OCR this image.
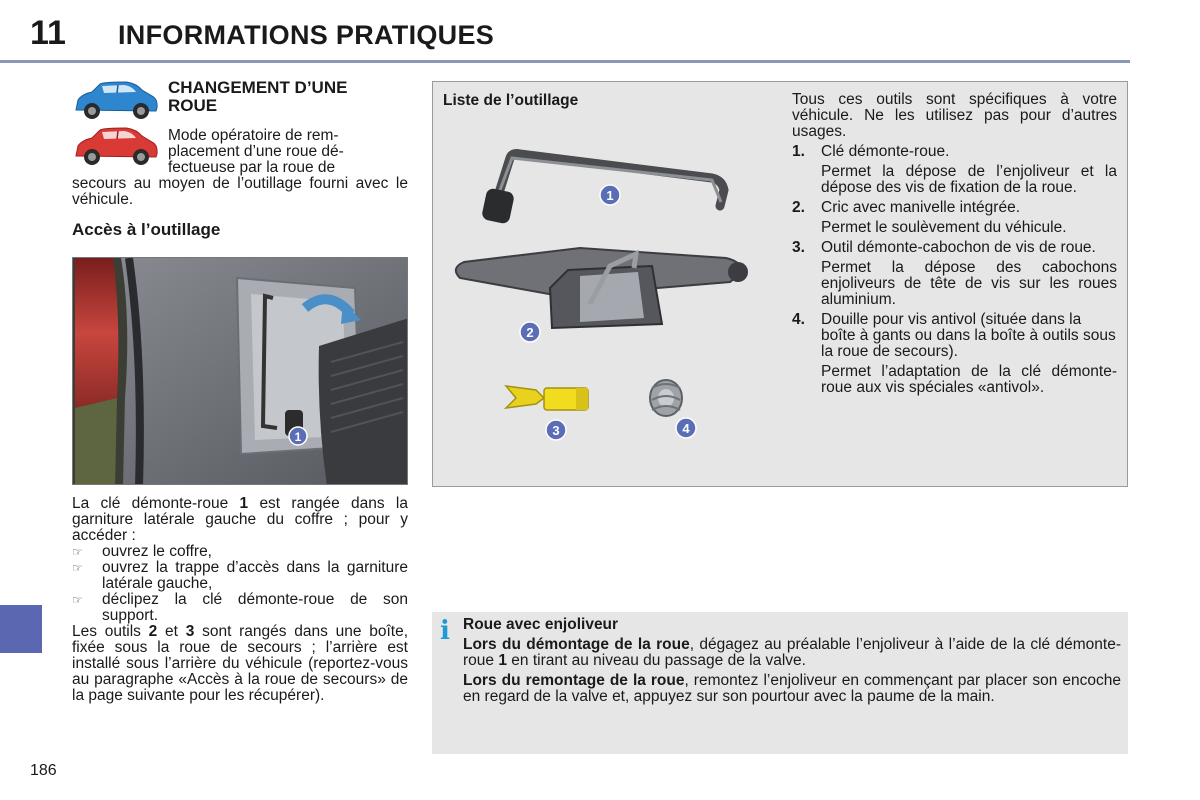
11 INFORMATIONS PRATIQUES
CHANGEMENT D’UNE
ROUE
Mode opératoire de rem-
placement d’une roue dé-
fectueuse par la roue de
secours au moyen de l’outillage fourni avec le véhicule.
Accès à l’outillage
1

La clé démonte-roue 1 est rangée dans la garniture latérale gauche du coffre ; pour y accéder :

☞ ouvrez le coffre,
☞ ouvrez la trappe d’accès dans la garniture latérale gauche,
☞ déclipez la clé démonte-roue de son support.

Les outils 2 et 3 sont rangés dans une boîte, fixée sous la roue de secours ; l’arrière est installé sous l’arrière du véhicule (reportez-vous au paragraphe «Accès à la roue de secours» de la page suivante pour les récupérer).

Liste de l’outillage
1
2
3	4

Tous ces outils sont spécifiques à votre véhicule. Ne les utilisez pas pour d’autres usages.

1. Clé démonte-roue.
Permet la dépose de l’enjoliveur et la dépose des vis de fixation de la roue.
2. Cric avec manivelle intégrée.
Permet le soulèvement du véhicule.
3. Outil démonte-cabochon de vis de roue.
Permet la dépose des cabochons enjoliveurs de tête de vis sur les roues aluminium.
4. Douille pour vis antivol (située dans la boîte à gants ou dans la boîte à outils sous la roue de secours).
Permet l’adaptation de la clé démonte-roue aux vis spéciales «antivol».
i Roue avec enjoliveur

Lors du démontage de la roue, dégagez au préalable l’enjoliveur à l’aide de la clé démonte-roue 1 en tirant au niveau du passage de la valve.

Lors du remontage de la roue, remontez l’enjoliveur en commençant par placer son encoche en regard de la valve et, appuyez sur son pourtour avec la paume de la main.

186
